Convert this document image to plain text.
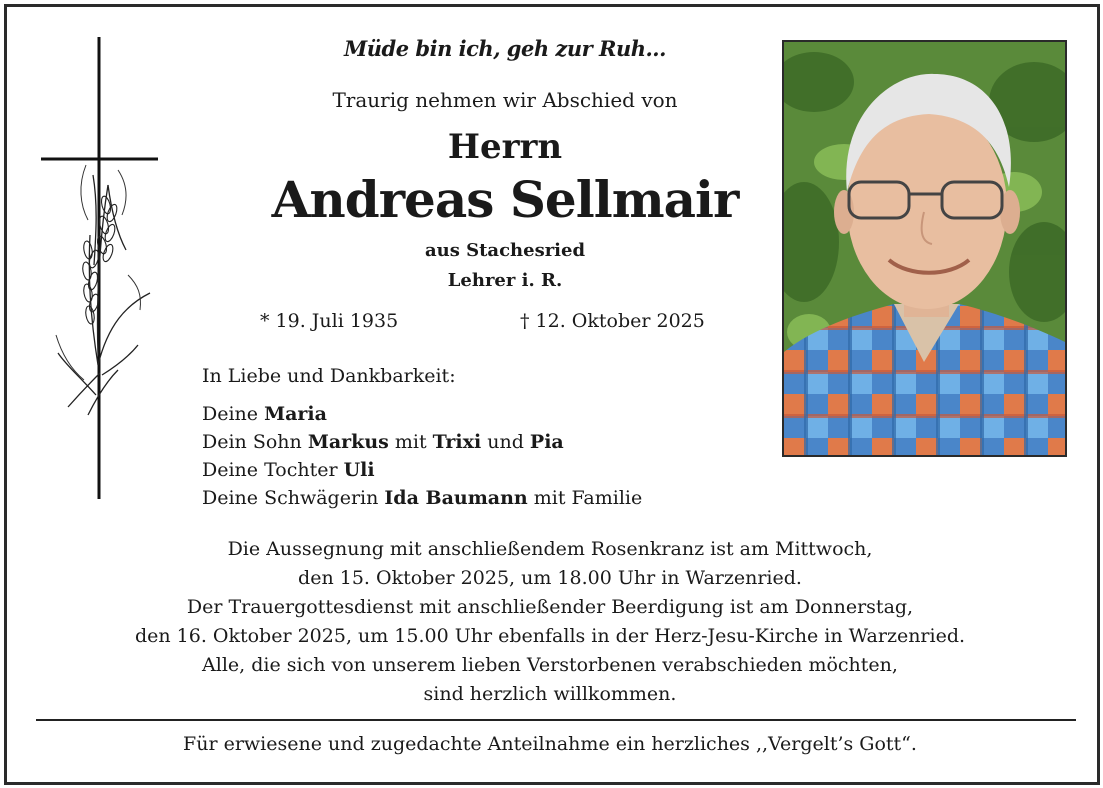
Müde bin ich, geh zur Ruh...
Traurig nehmen wir Abschied von
Herrn
Andreas Sellmair
aus Stachesried
Lehrer i. R.
* 19. Juli 1935	† 12. Oktober 2025
In Liebe und Dankbarkeit:
Deine Maria
Dein Sohn Markus mit Trixi und Pia
Deine Tochter Uli
Deine Schwägerin Ida Baumann mit Familie
Die Aussegnung mit anschließendem Rosenkranz ist am Mittwoch,
den 15. Oktober 2025, um 18.00 Uhr in Warzenried.
Der Trauergottesdienst mit anschließender Beerdigung ist am Donnerstag,
den 16. Oktober 2025, um 15.00 Uhr ebenfalls in der Herz-Jesu-Kirche in Warzenried.
Alle, die sich von unserem lieben Verstorbenen verabschieden möchten,
sind herzlich willkommen.
Für erwiesene und zugedachte Anteilnahme ein herzliches ,,Vergelt’s Gott“.
